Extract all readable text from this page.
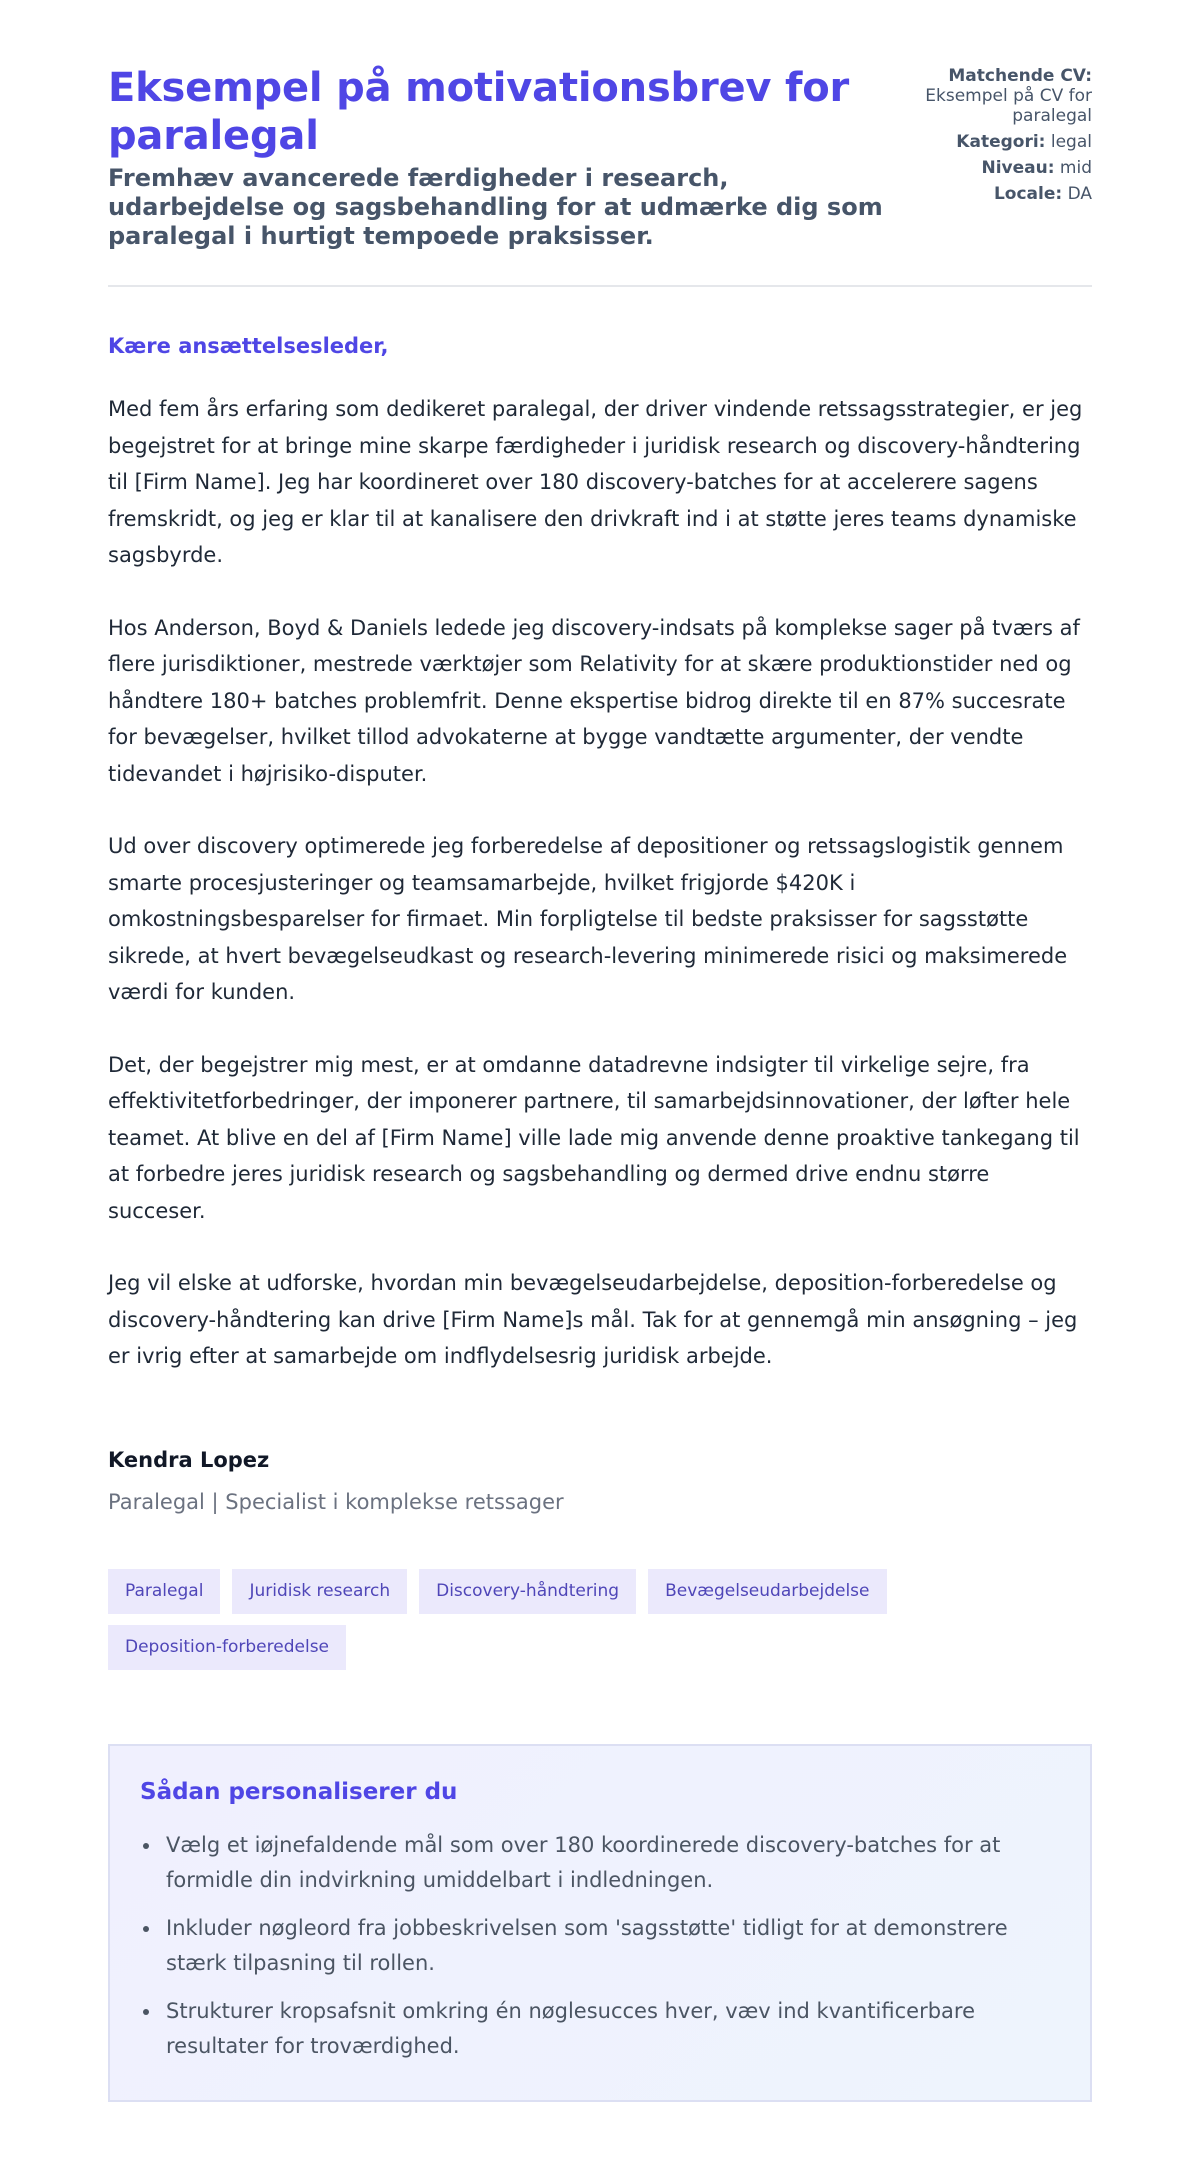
Eksempel på motivationsbrev for paralegal
Fremhæv avancerede færdigheder i research, udarbejdelse og sagsbehandling for at udmærke dig som paralegal i hurtigt tempoede praksisser.
Matchende CV:
Eksempel på CV for paralegal
Kategori: legal
Niveau: mid
Locale: DA

Kære ansættelsesleder,

Med fem års erfaring som dedikeret paralegal, der driver vindende retssagsstrategier, er jeg begejstret for at bringe mine skarpe færdigheder i juridisk research og discovery-håndtering til [Firm Name]. Jeg har koordineret over 180 discovery-batches for at accelerere sagens fremskridt, og jeg er klar til at kanalisere den drivkraft ind i at støtte jeres teams dynamiske sagsbyrde.

Hos Anderson, Boyd & Daniels ledede jeg discovery-indsats på komplekse sager på tværs af flere jurisdiktioner, mestrede værktøjer som Relativity for at skære produktionstider ned og håndtere 180+ batches problemfrit. Denne ekspertise bidrog direkte til en 87% succesrate for bevægelser, hvilket tillod advokaterne at bygge vandtætte argumenter, der vendte tidevandet i højrisiko-disputer.

Ud over discovery optimerede jeg forberedelse af depositioner og retssagslogistik gennem smarte procesjusteringer og teamsamarbejde, hvilket frigjorde $420K i omkostningsbesparelser for firmaet. Min forpligtelse til bedste praksisser for sagsstøtte sikrede, at hvert bevægelseudkast og research-levering minimerede risici og maksimerede værdi for kunden.

Det, der begejstrer mig mest, er at omdanne datadrevne indsigter til virkelige sejre, fra effektivitetforbedringer, der imponerer partnere, til samarbejdsinnovationer, der løfter hele teamet. At blive en del af [Firm Name] ville lade mig anvende denne proaktive tankegang til at forbedre jeres juridisk research og sagsbehandling og dermed drive endnu større succeser.

Jeg vil elske at udforske, hvordan min bevægelseudarbejdelse, deposition-forberedelse og discovery-håndtering kan drive [Firm Name]s mål. Tak for at gennemgå min ansøgning – jeg er ivrig efter at samarbejde om indflydelsesrig juridisk arbejde.

Kendra Lopez
Paralegal | Specialist i komplekse retssager
Paralegal	Juridisk research	Discovery-håndtering	Bevægelseudarbejdelse
Deposition-forberedelse
Sådan personaliserer du
Vælg et iøjnefaldende mål som over 180 koordinerede discovery-batches for at formidle din indvirkning umiddelbart i indledningen.
Inkluder nøgleord fra jobbeskrivelsen som 'sagsstøtte' tidligt for at demonstrere stærk tilpasning til rollen.
Strukturer kropsafsnit omkring én nøglesucces hver, væv ind kvantificerbare resultater for troværdighed.
